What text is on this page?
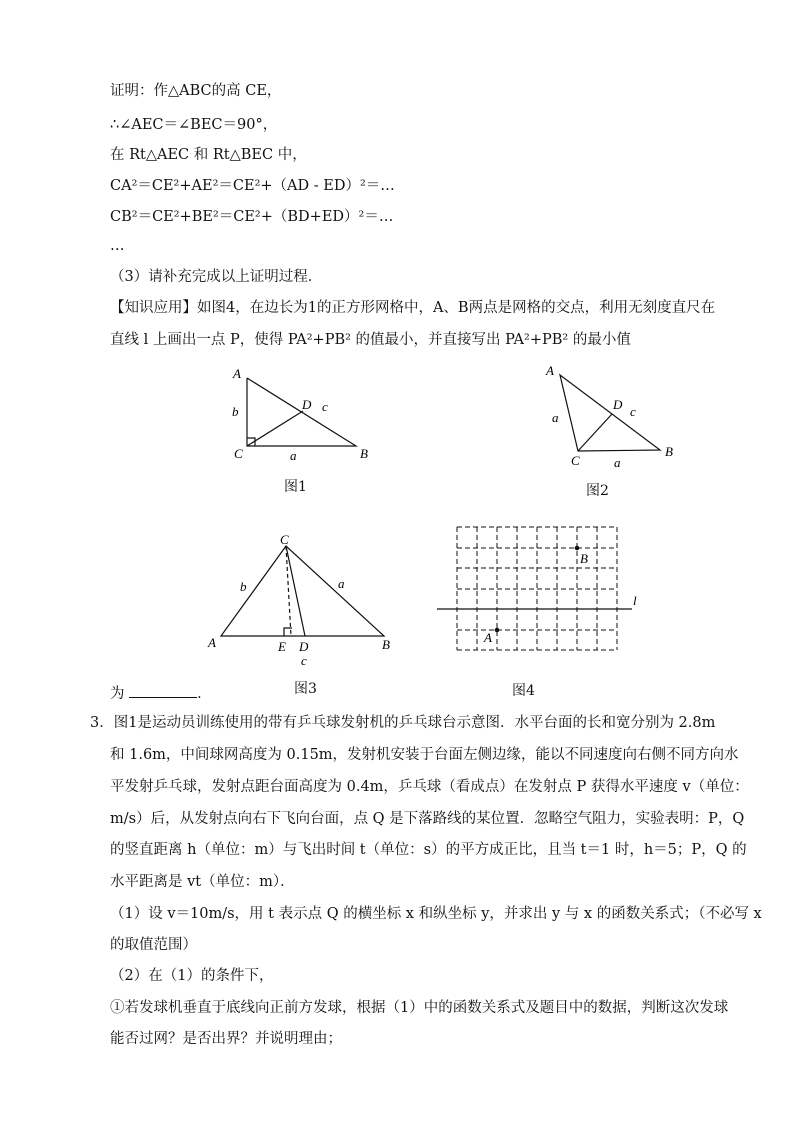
证明：作△ABC的高 CE，
∴∠AEC＝∠BEC＝90°，
在 Rt△AEC 和 Rt△BEC 中，
CA²＝CE²+AE²＝CE²+（AD - ED）²＝…
CB²＝CE²+BE²＝CE²+（BD+ED）²＝…
…
（3）请补充完成以上证明过程．
【知识应用】如图4，在边长为1的正方形网格中，A、B两点是网格的交点，利用无刻度直尺在
直线 l 上画出一点 P，使得 PA²+PB² 的值最小，并直接写出 PA²+PB² 的最小值
A
B
C
D
a
b	c
A
B
C
D
a
a
c
C
A	B
E D
a
b
c
A
B
l
图1	图2
图3	图4
为	．
3．图1是运动员训练使用的带有乒乓球发射机的乒乓球台示意图．水平台面的长和宽分别为 2.8m
和 1.6m，中间球网高度为 0.15m，发射机安装于台面左侧边缘，能以不同速度向右侧不同方向水
平发射乒乓球，发射点距台面高度为 0.4m，乒乓球（看成点）在发射点 P 获得水平速度 v（单位：
m/s）后，从发射点向右下飞向台面，点 Q 是下落路线的某位置．忽略空气阻力，实验表明：P，Q
的竖直距离 h（单位：m）与飞出时间 t（单位：s）的平方成正比，且当 t＝1 时，h＝5；P，Q 的
水平距离是 vt（单位：m）．
（1）设 v＝10m/s，用 t 表示点 Q 的横坐标 x 和纵坐标 y，并求出 y 与 x 的函数关系式；（不必写 x
的取值范围）
（2）在（1）的条件下，
①若发球机垂直于底线向正前方发球，根据（1）中的函数关系式及题目中的数据，判断这次发球
能否过网？是否出界？并说明理由；
